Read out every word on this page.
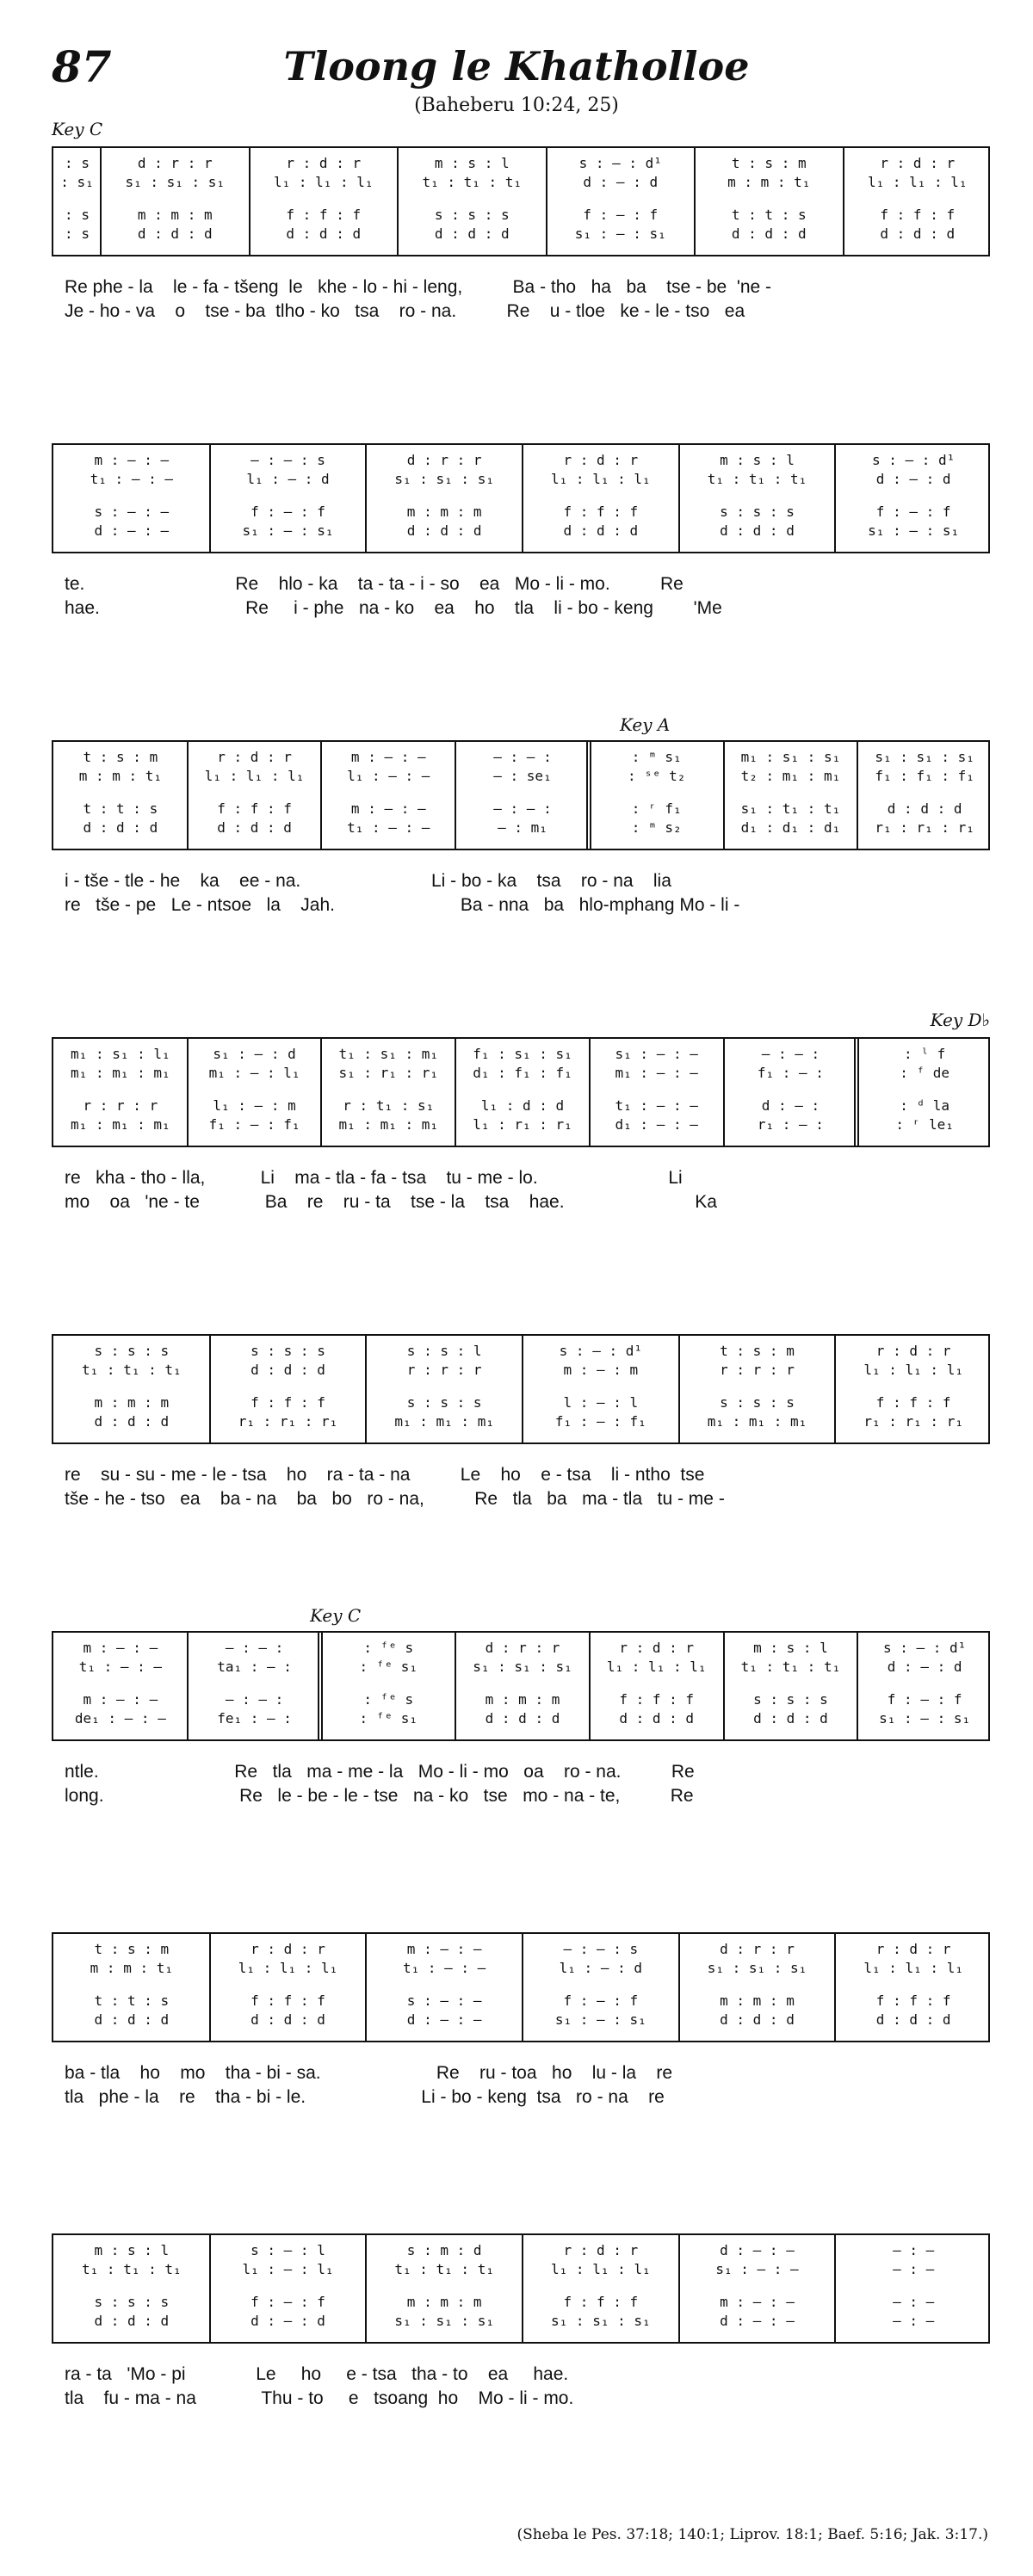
87	Tloong le Khatholloe
(Baheberu 10:24, 25)
Key C
: s	d : r : r	r : d : r	m : s : l	s : — : d¹	t : s : m	r : d : r
: s₁	s₁ : s₁ : s₁	l₁ : l₁ : l₁	t₁ : t₁ : t₁	d : — : d	m : m : t₁	l₁ : l₁ : l₁
: s	m : m : m	f : f : f	s : s : s	f : — : f	t : t : s	f : f : f
: s	d : d : d	d : d : d	d : d : d	s₁ : — : s₁	d : d : d	d : d : d
Re phe - la    le - fa - tšeng  le   khe - lo - hi - leng,          Ba - tho   ha   ba    tse - be  'ne -
Je - ho - va    o    tse - ba  tlho - ko   tsa    ro - na.          Re    u - tloe   ke - le - tso   ea
m : — : —	— : — : s	d : r : r	r : d : r	m : s : l	s : — : d¹
t₁ : — : —	l₁ : — : d	s₁ : s₁ : s₁	l₁ : l₁ : l₁	t₁ : t₁ : t₁	d : — : d
s : — : —	f : — : f	m : m : m	f : f : f	s : s : s	f : — : f
d : — : —	s₁ : — : s₁	d : d : d	d : d : d	d : d : d	s₁ : — : s₁
te.                              Re    hlo - ka    ta - ta - i - so    ea   Mo - li - mo.          Re
hae.                             Re     i - phe   na - ko    ea    ho    tla    li - bo - keng        'Me
Key A
t : s : m	r : d : r	m : — : —	— : — :	: ᵐ s₁	m₁ : s₁ : s₁	s₁ : s₁ : s₁
m : m : t₁	l₁ : l₁ : l₁	l₁ : — : —	— : se₁	: ˢᵉ t₂	t₂ : m₁ : m₁	f₁ : f₁ : f₁
t : t : s	f : f : f	m : — : —	— : — :	: ʳ f₁	s₁ : t₁ : t₁	d : d : d
d : d : d	d : d : d	t₁ : — : —	— : m₁	: ᵐ s₂	d₁ : d₁ : d₁	r₁ : r₁ : r₁
i - tše - tle - he    ka    ee - na.                          Li - bo - ka    tsa    ro - na    lia
re   tše - pe   Le - ntsoe   la    Jah.                         Ba - nna   ba   hlo-mphang Mo - li -
Key D♭
m₁ : s₁ : l₁	s₁ : — : d	t₁ : s₁ : m₁	f₁ : s₁ : s₁	s₁ : — : —	— : — :	: ˡ f
m₁ : m₁ : m₁	m₁ : — : l₁	s₁ : r₁ : r₁	d₁ : f₁ : f₁	m₁ : — : —	f₁ : — :	: ᶠ de
r : r : r	l₁ : — : m	r : t₁ : s₁	l₁ : d : d	t₁ : — : —	d : — :	: ᵈ la
m₁ : m₁ : m₁	f₁ : — : f₁	m₁ : m₁ : m₁	l₁ : r₁ : r₁	d₁ : — : —	r₁ : — :	: ʳ le₁
re   kha - tho - lla,           Li    ma - tla - fa - tsa    tu - me - lo.                          Li
mo    oa   'ne - te             Ba    re    ru - ta    tse - la    tsa    hae.                          Ka
s : s : s	s : s : s	s : s : l	s : — : d¹	t : s : m	r : d : r
t₁ : t₁ : t₁	d : d : d	r : r : r	m : — : m	r : r : r	l₁ : l₁ : l₁
m : m : m	f : f : f	s : s : s	l : — : l	s : s : s	f : f : f
d : d : d	r₁ : r₁ : r₁	m₁ : m₁ : m₁	f₁ : — : f₁	m₁ : m₁ : m₁	r₁ : r₁ : r₁
re    su - su - me - le - tsa    ho    ra - ta - na          Le    ho    e - tsa    li - ntho  tse
tše - he - tso   ea    ba - na    ba   bo   ro - na,          Re   tla   ba   ma - tla   tu - me -
Key C
m : — : —	— : — :	: ᶠᵉ s	d : r : r	r : d : r	m : s : l	s : — : d¹
t₁ : — : —	ta₁ : — :	: ᶠᵉ s₁	s₁ : s₁ : s₁	l₁ : l₁ : l₁	t₁ : t₁ : t₁	d : — : d
m : — : —	— : — :	: ᶠᵉ s	m : m : m	f : f : f	s : s : s	f : — : f
de₁ : — : —	fe₁ : — :	: ᶠᵉ s₁	d : d : d	d : d : d	d : d : d	s₁ : — : s₁
ntle.                           Re   tla   ma - me - la   Mo - li - mo   oa    ro - na.          Re
long.                           Re   le - be - le - tse   na - ko   tse   mo - na - te,          Re
t : s : m	r : d : r	m : — : —	— : — : s	d : r : r	r : d : r
m : m : t₁	l₁ : l₁ : l₁	t₁ : — : —	l₁ : — : d	s₁ : s₁ : s₁	l₁ : l₁ : l₁
t : t : s	f : f : f	s : — : —	f : — : f	m : m : m	f : f : f
d : d : d	d : d : d	d : — : —	s₁ : — : s₁	d : d : d	d : d : d
ba - tla    ho    mo    tha - bi - sa.                       Re    ru - toa   ho    lu - la    re
tla   phe - la    re    tha - bi - le.                       Li - bo - keng  tsa   ro - na    re
m : s : l	s : — : l	s : m : d	r : d : r	d : — : —	— : —
t₁ : t₁ : t₁	l₁ : — : l₁	t₁ : t₁ : t₁	l₁ : l₁ : l₁	s₁ : — : —	— : —
s : s : s	f : — : f	m : m : m	f : f : f	m : — : —	— : —
d : d : d	d : — : d	s₁ : s₁ : s₁	s₁ : s₁ : s₁	d : — : —	— : —
ra - ta   'Mo - pi              Le     ho     e - tsa   tha - to    ea     hae.
tla    fu - ma - na             Thu - to     e   tsoang  ho    Mo - li - mo.
(Sheba le Pes. 37:18; 140:1; Liprov. 18:1; Baef. 5:16; Jak. 3:17.)
